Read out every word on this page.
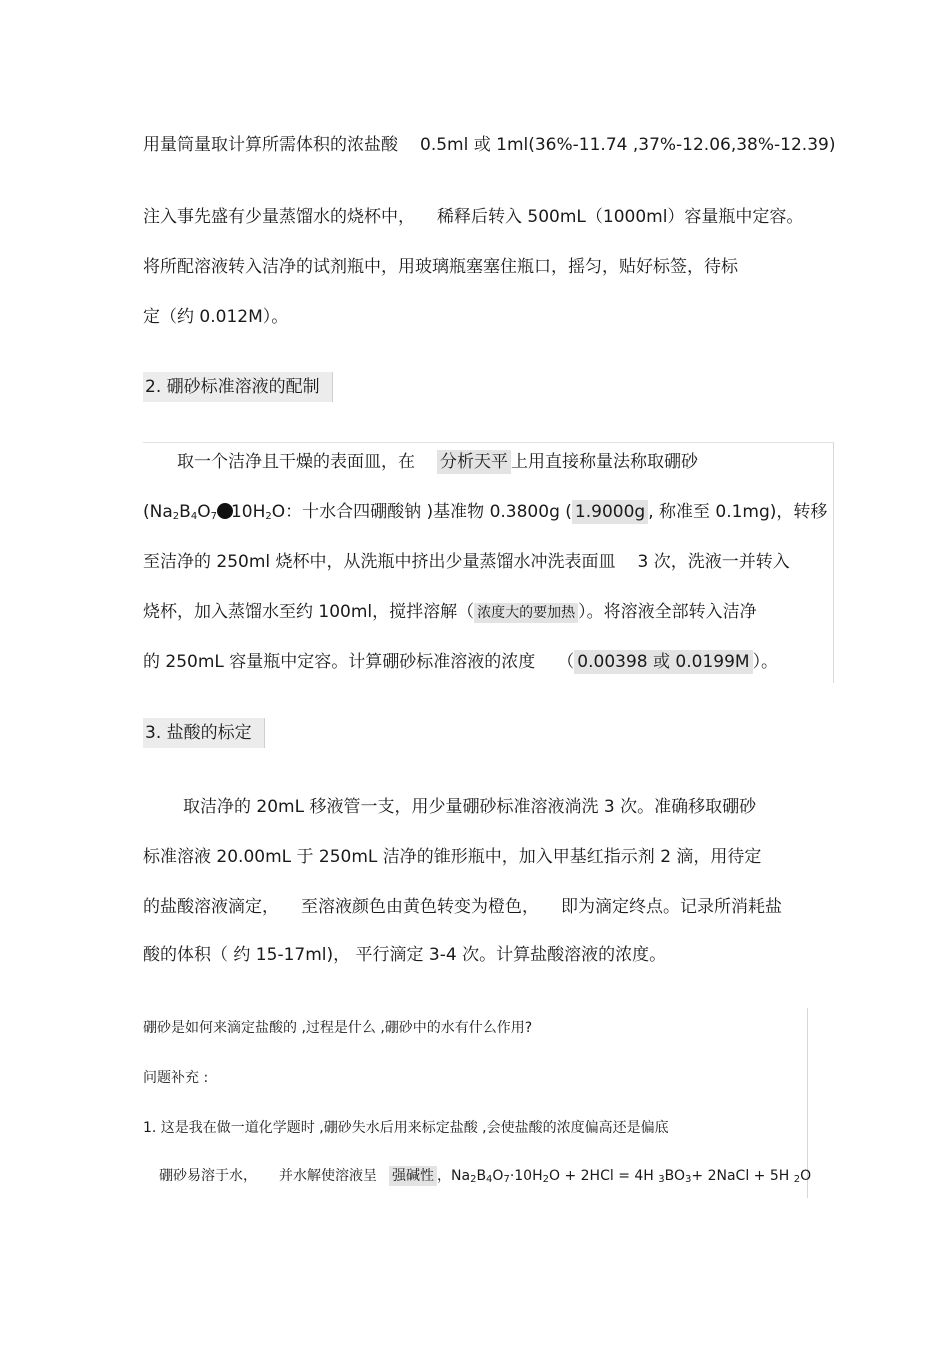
用量筒量取计算所需体积的浓盐酸 0.5ml 或 1ml(36%-11.74 ,37%-12.06,38%-12.39)
注入事先盛有少量蒸馏水的烧杯中， 稀释后转入 500mL（1000ml）容量瓶中定容。
将所配溶液转入洁净的试剂瓶中，用玻璃瓶塞塞住瓶口，摇匀，贴好标签，待标
定（约 0.012M）。
2. 硼砂标准溶液的配制
取一个洁净且干燥的表面皿，在 分析天平 上用直接称量法称取硼砂
($Na_2B_4O_7$ $10H_2O$：十水合四硼酸钠 )基准物 0.3800g ( 1.9000g , 称准至 0.1mg)，转移
至洁净的 250ml 烧杯中，从洗瓶中挤出少量蒸馏水冲洗表面皿 3 次，洗液一并转入
烧杯，加入蒸馏水至约 100ml，搅拌溶解（ 浓度大的要加热 ）。将溶液全部转入洁净
的 250mL 容量瓶中定容。计算硼砂标准溶液的浓度 （ 0.00398 或 0.0199M ）。
3. 盐酸的标定
取洁净的 20mL 移液管一支，用少量硼砂标准溶液淌洗 3 次。准确移取硼砂
标准溶液 20.00mL 于 250mL 洁净的锥形瓶中，加入甲基红指示剂 2 滴，用待定
的盐酸溶液滴定， 至溶液颜色由黄色转变为橙色， 即为滴定终点。记录所消耗盐
酸的体积（ 约 15-17ml)， 平行滴定 3-4 次。计算盐酸溶液的浓度。
硼砂是如何来滴定盐酸的 ,过程是什么 ,硼砂中的水有什么作用?
问题补充 :
1. 这是我在做一道化学题时 ,硼砂失水后用来标定盐酸 ,会使盐酸的浓度偏高还是偏底
硼砂易溶于水， 并水解使溶液呈 强碱性 ，$Na_2B_4O_7\cdot 10H_2O + 2HCl = 4H$ $_3BO_3+$ 2NaCl + 5H $_2$O
